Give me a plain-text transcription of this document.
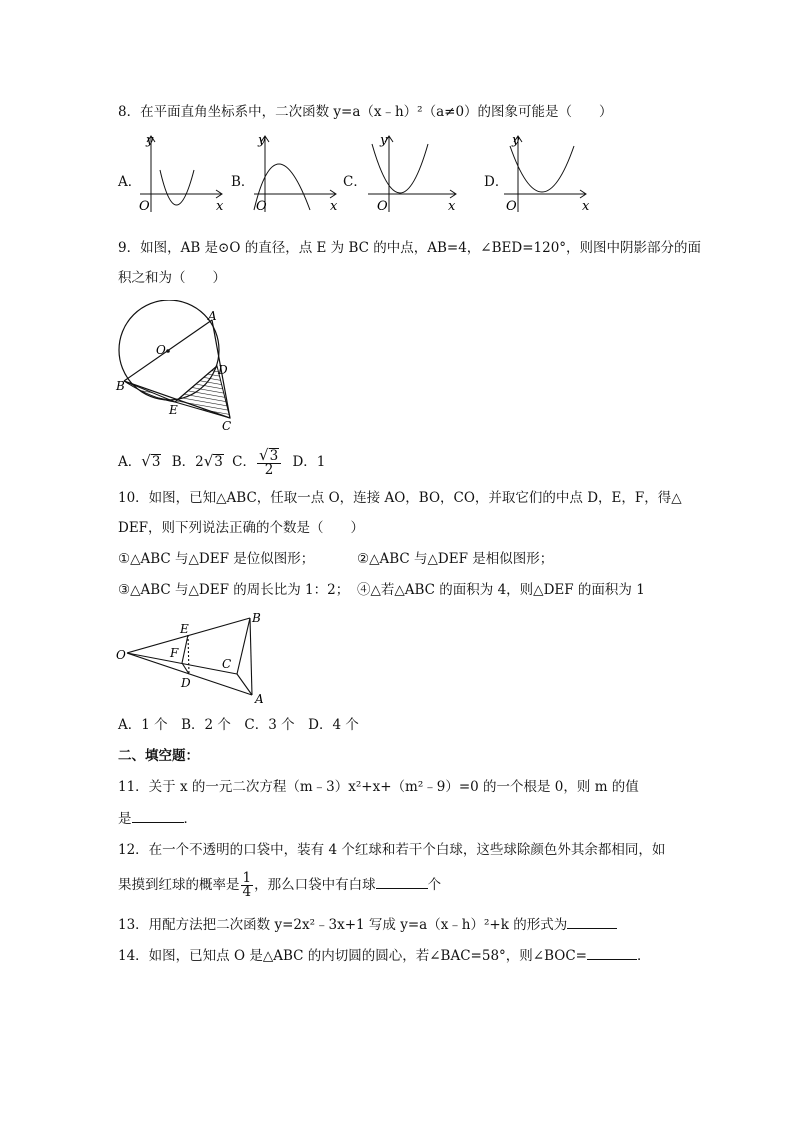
8．在平面直角坐标系中，二次函数 y=a（x﹣h）²（a≠0）的图象可能是（　　）
A．	B．	C．	D．
y
x
O
y
x
O
y
x
O
y
x
O
9．如图，AB 是⊙O 的直径，点 E 为 BC 的中点，AB=4，∠BED=120°，则图中阴影部分的面
积之和为（　　）
A
O
D
B
E
C
A．√3 B．2√3 C． $\frac{√3}{2}$ D．1
10．如图，已知△ABC，任取一点 O，连接 AO，BO，CO，并取它们的中点 D，E，F，得△
DEF，则下列说法正确的个数是（　　）
①△ABC 与△DEF 是位似图形；	②△ABC 与△DEF 是相似图形；
③△ABC 与△DEF 的周长比为 1：2； ④△若△ABC 的面积为 4，则△DEF 的面积为 1
O
E
F
D
B
C
A
A．1 个　B．2 个　C．3 个　D．4 个
二、填空题：
11．关于 x 的一元二次方程（m﹣3）x²+x+（m²﹣9）=0 的一个根是 0，则 m 的值
是	．
12．在一个不透明的口袋中，装有 4 个红球和若干个白球，这些球除颜色外其余都相同，如
果摸到红球的概率是 $\frac{1}{4}$ ，那么口袋中有白球	个
13．用配方法把二次函数 y=2x²﹣3x+1 写成 y=a（x﹣h）²+k 的形式为
14．如图，已知点 O 是△ABC 的内切圆的圆心，若∠BAC=58°，则∠BOC=	．
